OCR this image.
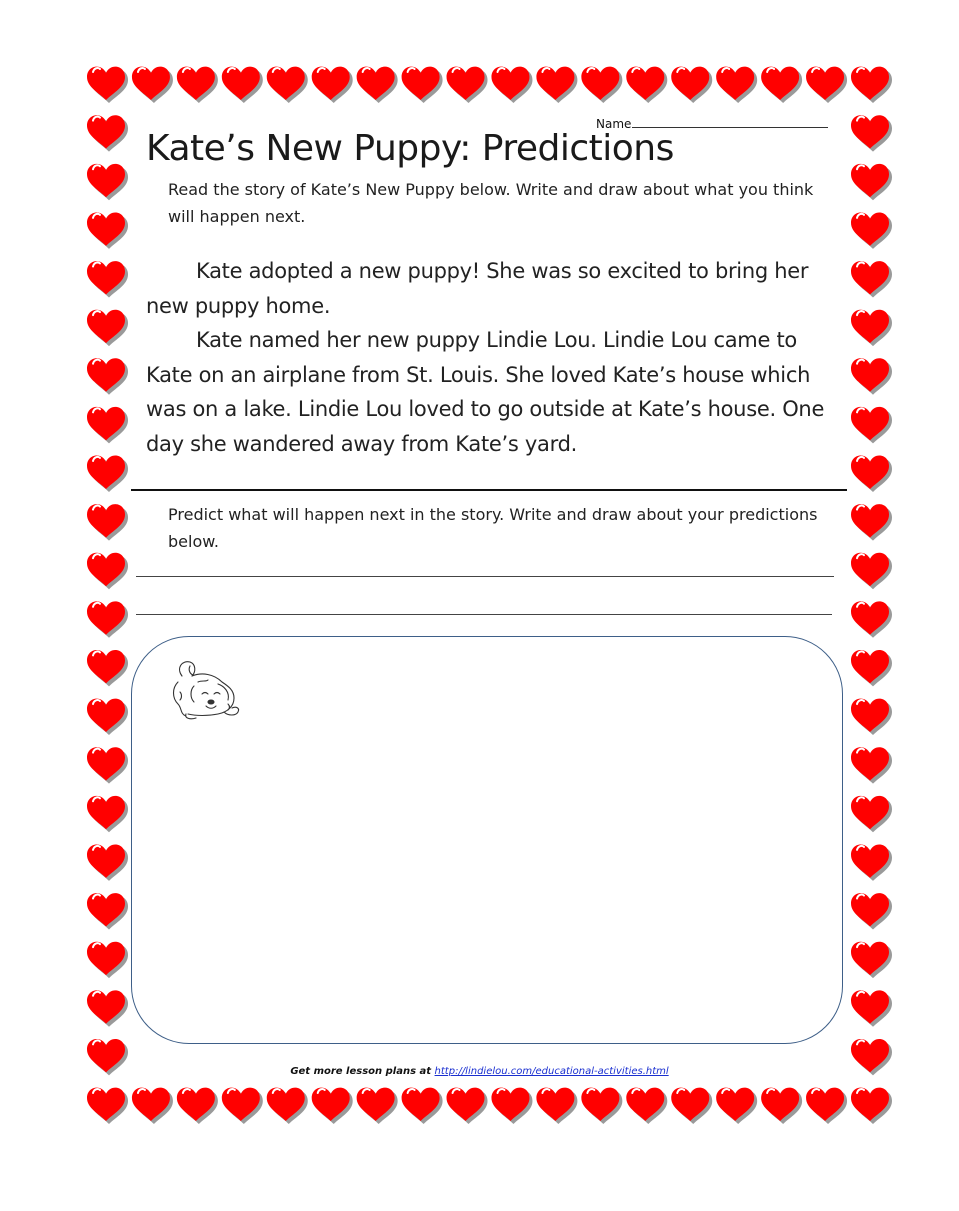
Name
Kate’s New Puppy: Predictions
Read the story of Kate’s New Puppy below. Write and draw about what you think will happen next.

Kate adopted a new puppy! She was so excited to bring her new puppy home.

Kate named her new puppy Lindie Lou. Lindie Lou came to Kate on an airplane from St. Louis. She loved Kate’s house which was on a lake. Lindie Lou loved to go outside at Kate’s house. One day she wandered away from Kate’s yard.

Predict what will happen next in the story. Write and draw about your predictions below.
Get more lesson plans at http://lindielou.com/educational-activities.html
